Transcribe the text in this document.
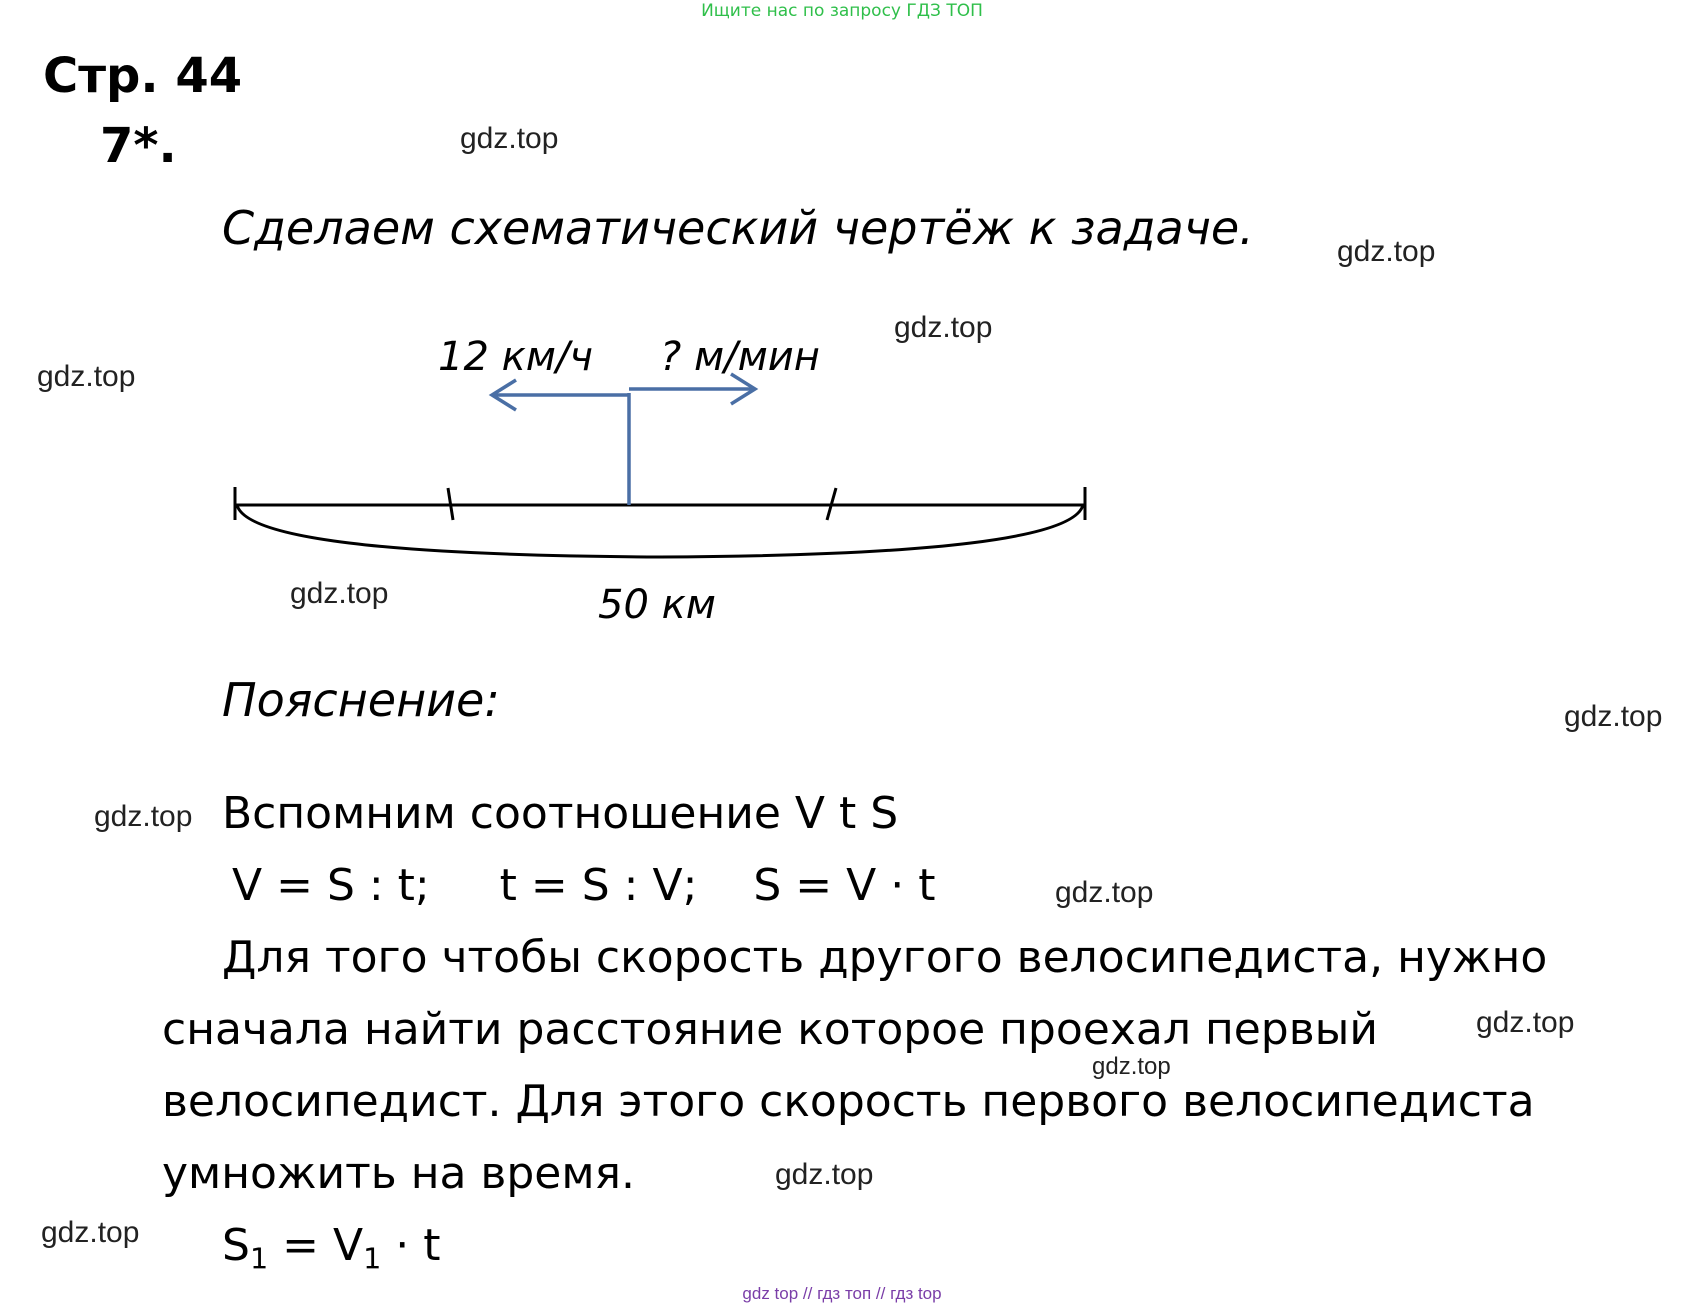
Ищите нас по запросу ГДЗ ТОП
Стр. 44
7*.
Сделаем схематический чертёж к задаче.
12 км/ч ? м/мин
50 км
Пояснение:
Вспомним соотношение V t S
V = S : t;     t = S : V;    S = V · t
Для того чтобы скорость другого велосипедиста, нужно
сначала найти расстояние которое проехал первый
велосипедист. Для этого скорость первого велосипедиста
умножить на время.
$S_1 = V_1 \cdot t$
gdz.top
gdz.top
gdz.top
gdz.top
gdz.top
gdz.top
gdz.top
gdz.top
gdz.top
gdz.top
gdz.top
gdz.top
gdz top // гдз топ // гдз top
